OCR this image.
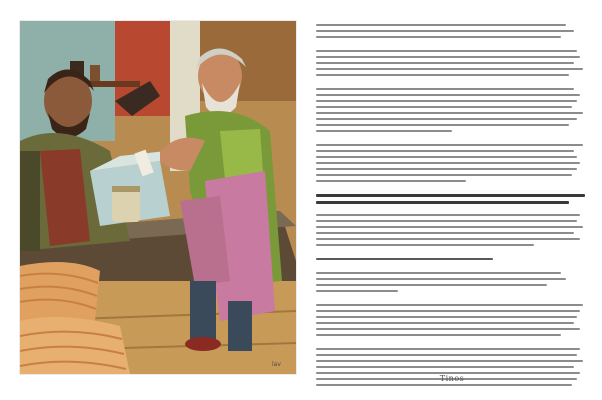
lav
Tinos
